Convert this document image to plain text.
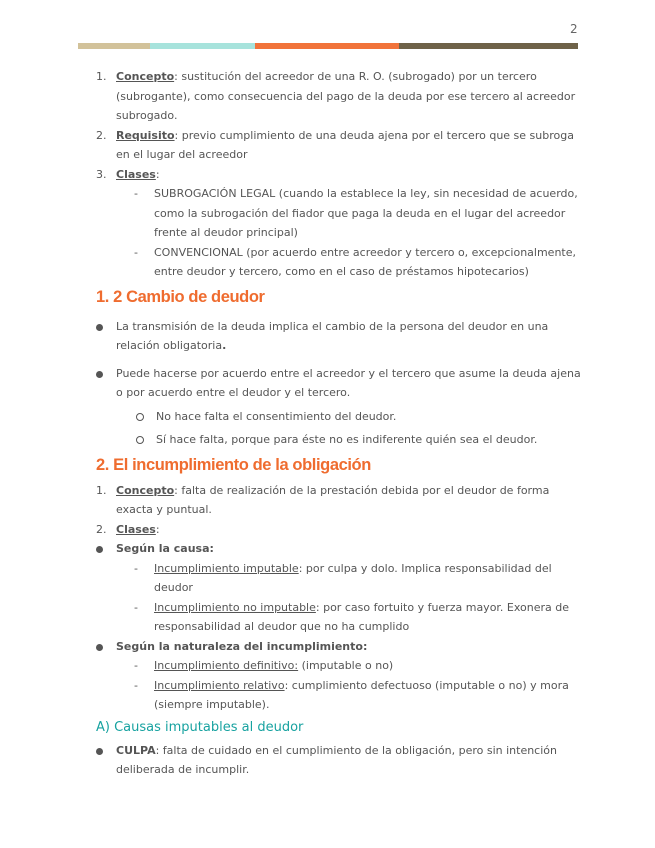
2
1. Concepto: sustitución del acreedor de una R. O. (subrogado) por un tercero (subrogante), como consecuencia del pago de la deuda por ese tercero al acreedor subrogado.
2. Requisito: previo cumplimiento de una deuda ajena por el tercero que se subroga en el lugar del acreedor
3. Clases:
- SUBROGACIÓN LEGAL (cuando la establece la ley, sin necesidad de acuerdo, como la subrogación del fiador que paga la deuda en el lugar del acreedor frente al deudor principal)
- CONVENCIONAL (por acuerdo entre acreedor y tercero o, excepcionalmente, entre deudor y tercero, como en el caso de préstamos hipotecarios)
1. 2 Cambio de deudor
La transmisión de la deuda implica el cambio de la persona del deudor en una relación obligatoria.
Puede hacerse por acuerdo entre el acreedor y el tercero que asume la deuda ajena o por acuerdo entre el deudor y el tercero.
No hace falta el consentimiento del deudor.
Sí hace falta, porque para éste no es indiferente quién sea el deudor.
2. El incumplimiento de la obligación
1. Concepto: falta de realización de la prestación debida por el deudor de forma exacta y puntual.
2. Clases:
Según la causa:
- Incumplimiento imputable: por culpa y dolo. Implica responsabilidad del deudor
- Incumplimiento no imputable: por caso fortuito y fuerza mayor. Exonera de responsabilidad al deudor que no ha cumplido
Según la naturaleza del incumplimiento:
- Incumplimiento definitivo: (imputable o no)
- Incumplimiento relativo: cumplimiento defectuoso (imputable o no) y mora (siempre imputable).
A) Causas imputables al deudor
CULPA: falta de cuidado en el cumplimiento de la obligación, pero sin intención deliberada de incumplir.
